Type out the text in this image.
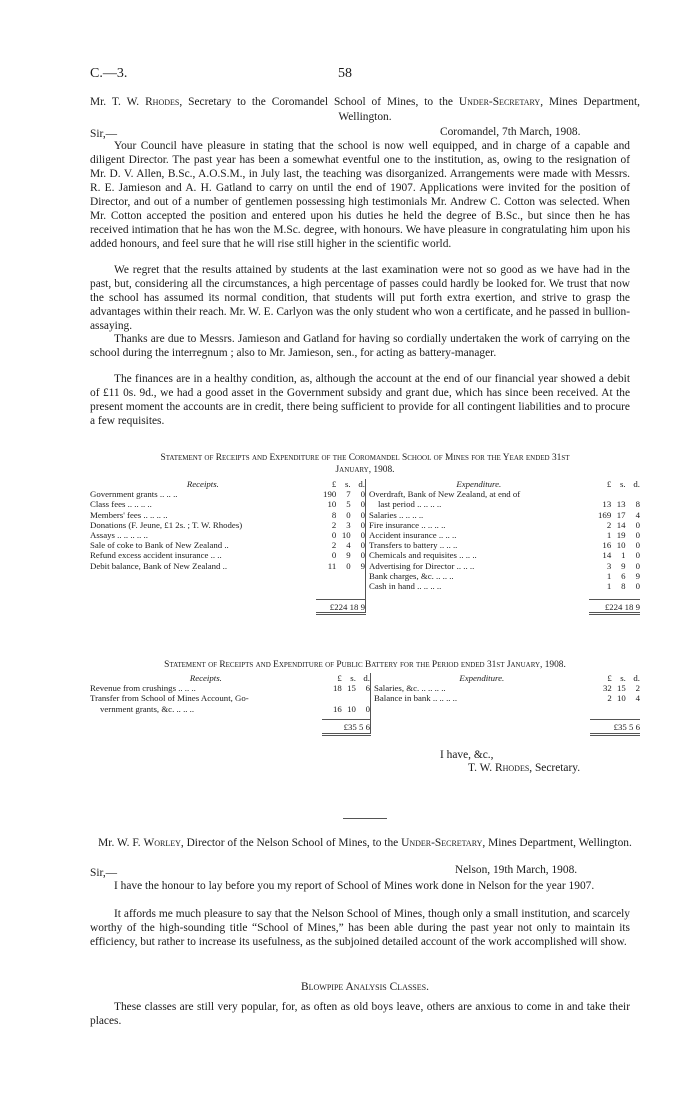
C.—3.	58
Mr. T. W. Rhodes, Secretary to the Coromandel School of Mines, to the Under-Secretary, Mines Department, Wellington.
Sir,—	Coromandel, 7th March, 1908.

Your Council have pleasure in stating that the school is now well equipped, and in charge of a capable and diligent Director. The past year has been a somewhat eventful one to the institution, as, owing to the resignation of Mr. D. V. Allen, B.Sc., A.O.S.M., in July last, the teaching was disorganized. Arrangements were made with Messrs. R. E. Jamieson and A. H. Gatland to carry on until the end of 1907. Applications were invited for the position of Director, and out of a number of gentlemen possessing high testimonials Mr. Andrew C. Cotton was selected. When Mr. Cotton accepted the position and entered upon his duties he held the degree of B.Sc., but since then he has received intimation that he has won the M.Sc. degree, with honours. We have pleasure in congratulating him upon his added honours, and feel sure that he will rise still higher in the scientific world.

We regret that the results attained by students at the last examination were not so good as we have had in the past, but, considering all the circumstances, a high percentage of passes could hardly be looked for. We trust that now the school has assumed its normal condition, that students will put forth extra exertion, and strive to grasp the advantages within their reach. Mr. W. E. Carlyon was the only student who won a certificate, and he passed in bullion-assaying.

Thanks are due to Messrs. Jamieson and Gatland for having so cordially undertaken the work of carrying on the school during the interregnum ; also to Mr. Jamieson, sen., for acting as battery-manager.

The finances are in a healthy condition, as, although the account at the end of our financial year showed a debit of £11 0s. 9d., we had a good asset in the Government subsidy and grant due, which has since been received. At the present moment the accounts are in credit, there being sufficient to provide for all contingent liabilities and to procure a few requisites.

Statement of Receipts and Expenditure of the Coromandel School of Mines for the Year ended 31st
January, 1908.
Receipts.	£	s.	d.	Expenditure.	£	s.	d.
Government grants .. .. ..	190	7	0	Overdraft, Bank of New Zealand, at end of			
Class fees .. .. .. ..	10	5	0	last period .. .. .. ..	13	13	8
Members' fees .. .. .. ..	8	0	0	Salaries .. .. .. ..	169	17	4
Donations (F. Jeune, £1 2s. ; T. W. Rhodes)	2	3	0	Fire insurance .. .. .. ..	2	14	0
Assays .. .. .. .. ..	0	10	0	Accident insurance .. .. ..	1	19	0
Sale of coke to Bank of New Zealand ..	2	4	0	Transfers to battery .. .. ..	16	10	0
Refund excess accident insurance .. ..	0	9	0	Chemicals and requisites .. .. ..	14	1	0
Debit balance, Bank of New Zealand ..	11	0	9	Advertising for Director .. .. ..	3	9	0
				Bank charges, &c. .. .. ..	1	6	9
				Cash in hand .. .. .. ..	1	8	0

	£224 18 9				£224 18 9		
Statement of Receipts and Expenditure of Public Battery for the Period ended 31st January, 1908.
Receipts.	£	s.	d.	Expenditure.	£	s.	d.
Revenue from crushings .. .. ..	18	15	6	Salaries, &c. .. .. .. ..	32	15	2
Transfer from School of Mines Account, Go-				Balance in bank .. .. .. ..	2	10	4
vernment grants, &c. .. .. ..	16	10	0				

	£35 5 6				£35 5 6		
I have, &c.,
T. W. Rhodes, Secretary.
Mr. W. F. Worley, Director of the Nelson School of Mines, to the Under-Secretary, Mines Department, Wellington.
Sir,—	Nelson, 19th March, 1908.

I have the honour to lay before you my report of School of Mines work done in Nelson for the year 1907.

It affords me much pleasure to say that the Nelson School of Mines, though only a small institution, and scarcely worthy of the high-sounding title “School of Mines,” has been able during the past year not only to maintain its efficiency, but rather to increase its usefulness, as the subjoined detailed account of the work accomplished will show.

Blowpipe Analysis Classes.

These classes are still very popular, for, as often as old boys leave, others are anxious to come in and take their places.
